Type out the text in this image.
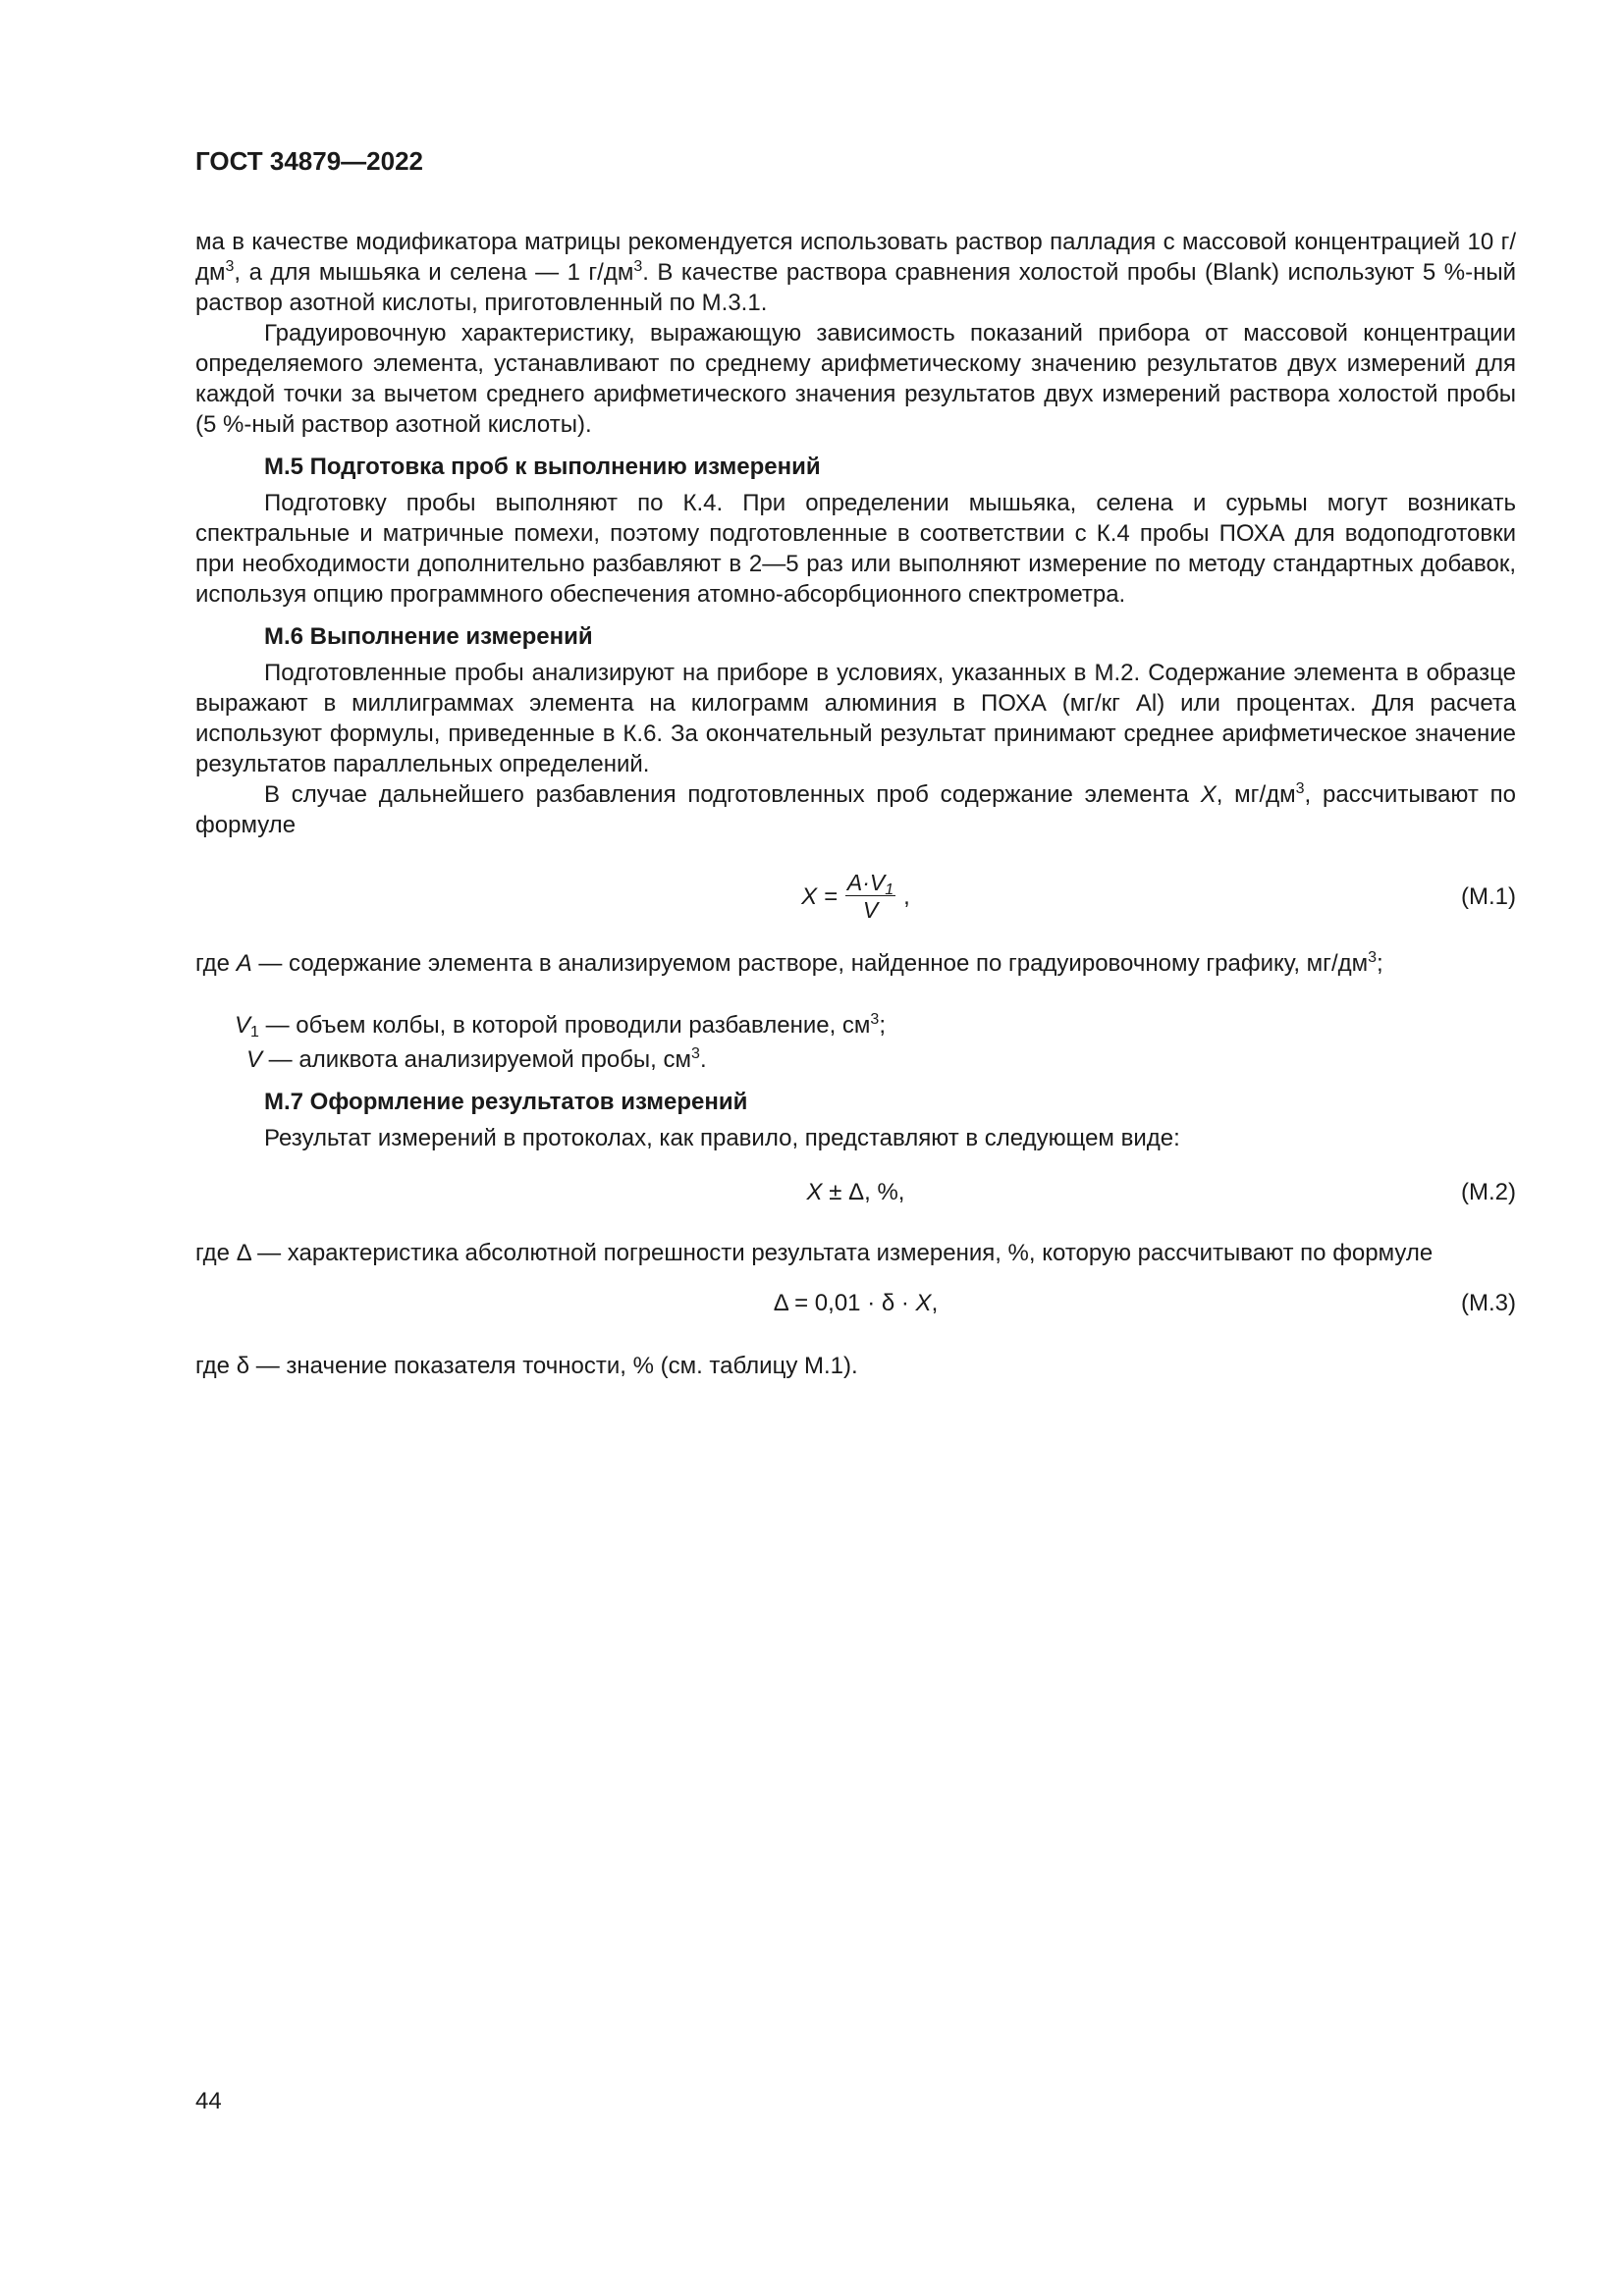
ГОСТ 34879—2022

ма в качестве модификатора матрицы рекомендуется использовать раствор палладия с массовой концентрацией 10 $г/дм^3$, а для мышьяка и селена — 1 $г/дм^3$. В качестве раствора сравнения холостой пробы (Blank) используют 5 %-ный раствор азотной кислоты, приготовленный по М.3.1.

Градуировочную характеристику, выражающую зависимость показаний прибора от массовой концентрации определяемого элемента, устанавливают по среднему арифметическому значению результатов двух измерений для каждой точки за вычетом среднего арифметического значения результатов двух измерений раствора холостой пробы (5 %-ный раствор азотной кислоты).

М.5 Подготовка проб к выполнению измерений

Подготовку пробы выполняют по К.4. При определении мышьяка, селена и сурьмы могут возникать спектральные и матричные помехи, поэтому подготовленные в соответствии с К.4 пробы ПОХА для водоподготовки при необходимости дополнительно разбавляют в 2—5 раз или выполняют измерение по методу стандартных добавок, используя опцию программного обеспечения атомно-абсорбционного спектрометра.

М.6 Выполнение измерений

Подготовленные пробы анализируют на приборе в условиях, указанных в М.2. Содержание элемента в образце выражают в миллиграммах элемента на килограмм алюминия в ПОХА (мг/кг Al) или процентах. Для расчета используют формулы, приведенные в К.6. За окончательный результат принимают среднее арифметическое значение результатов параллельных определений.

В случае дальнейшего разбавления подготовленных проб содержание элемента X, $мг/дм^3$, рассчитывают по формуле

$X = \frac{A\cdot V_1}{V}$ ,	(М.1)

где A — содержание элемента в анализируемом растворе, найденное по градуировочному графику, $мг/дм^3$;

$V_1$ — объем колбы, в которой проводили разбавление, $см^3$;
V — аликвота анализируемой пробы, $см^3$.
М.7 Оформление результатов измерений

Результат измерений в протоколах, как правило, представляют в следующем виде:

X ± Δ, %,	(М.2)

где Δ — характеристика абсолютной погрешности результата измерения, %, которую рассчитывают по формуле

Δ = 0,01 · δ · X,	(М.3)

где δ — значение показателя точности, % (см. таблицу М.1).

44
